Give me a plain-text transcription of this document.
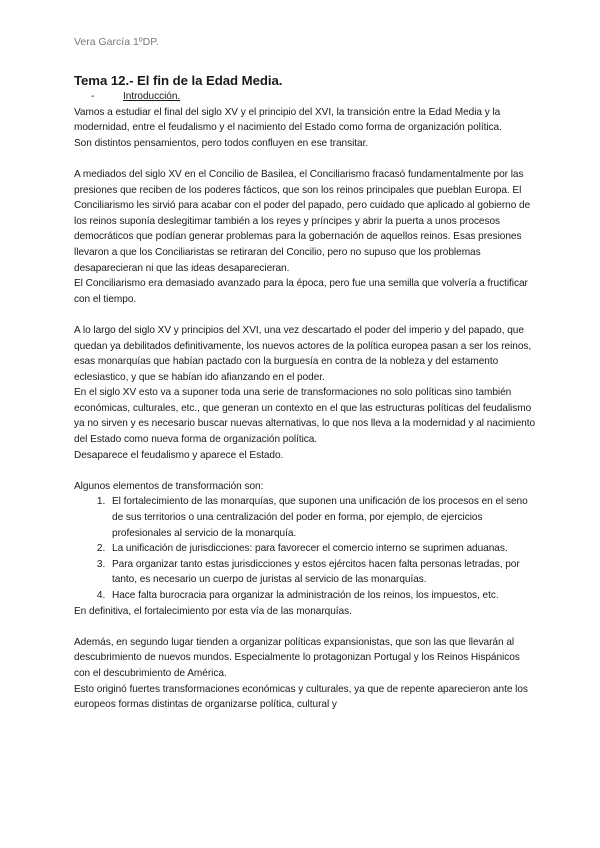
Vera García 1ºDP.
Tema 12.- El fin de la Edad Media.
-	Introducción.

Vamos a estudiar el final del siglo XV y el principio del XVI, la transición entre la Edad Media y la modernidad, entre el feudalismo y el nacimiento del Estado como forma de organización política.

Son distintos pensamientos, pero todos confluyen en ese transitar.

A mediados del siglo XV en el Concilio de Basilea, el Conciliarismo fracasó fundamentalmente por las presiones que reciben de los poderes fácticos, que son los reinos principales que pueblan Europa. El Conciliarismo les sirvió para acabar con el poder del papado, pero cuidado que aplicado al gobierno de los reinos suponía deslegitimar también a los reyes y príncipes y abrir la puerta a unos procesos democráticos que podían generar problemas para la gobernación de aquellos reinos. Esas presiones llevaron a que los Conciliaristas se retiraran del Concilio, pero no supuso que los problemas desaparecieran ni que las ideas desaparecieran.

El Conciliarismo era demasiado avanzado para la época, pero fue una semilla que volvería a fructificar con el tiempo.

A lo largo del siglo XV y principios del XVI, una vez descartado el poder del imperio y del papado, que quedan ya debilitados definitivamente, los nuevos actores de la política europea pasan a ser los reinos, esas monarquías que habían pactado con la burguesía en contra de la nobleza y del estamento eclesiastico, y que se habían ido afianzando en el poder.

En el siglo XV esto va a suponer toda una serie de transformaciones no solo políticas sino también económicas, culturales, etc., que generan un contexto en el que las estructuras políticas del feudalismo ya no sirven y es necesario buscar nuevas alternativas, lo que nos lleva a la modernidad y al nacimiento del Estado como nueva forma de organización política.

Desaparece el feudalismo y aparece el Estado.

Algunos elementos de transformación son:

1. El fortalecimiento de las monarquías, que suponen una unificación de los procesos en el seno de sus territorios o una centralización del poder en forma, por ejemplo, de ejercicios profesionales al servicio de la monarquía.
2. La unificación de jurisdicciones: para favorecer el comercio interno se suprimen aduanas.
3. Para organizar tanto estas jurisdicciones y estos ejércitos hacen falta personas letradas, por tanto, es necesario un cuerpo de juristas al servicio de las monarquías.
4. Hace falta burocracia para organizar la administración de los reinos, los impuestos, etc.

En definitiva, el fortalecimiento por esta vía de las monarquías.

Además, en segundo lugar tienden a organizar políticas expansionistas, que son las que llevarán al descubrimiento de nuevos mundos. Especialmente lo protagonizan Portugal y los Reinos Hispánicos con el descubrimiento de América.

Esto originó fuertes transformaciones económicas y culturales, ya que de repente aparecieron ante los europeos formas distintas de organizarse política, cultural y
